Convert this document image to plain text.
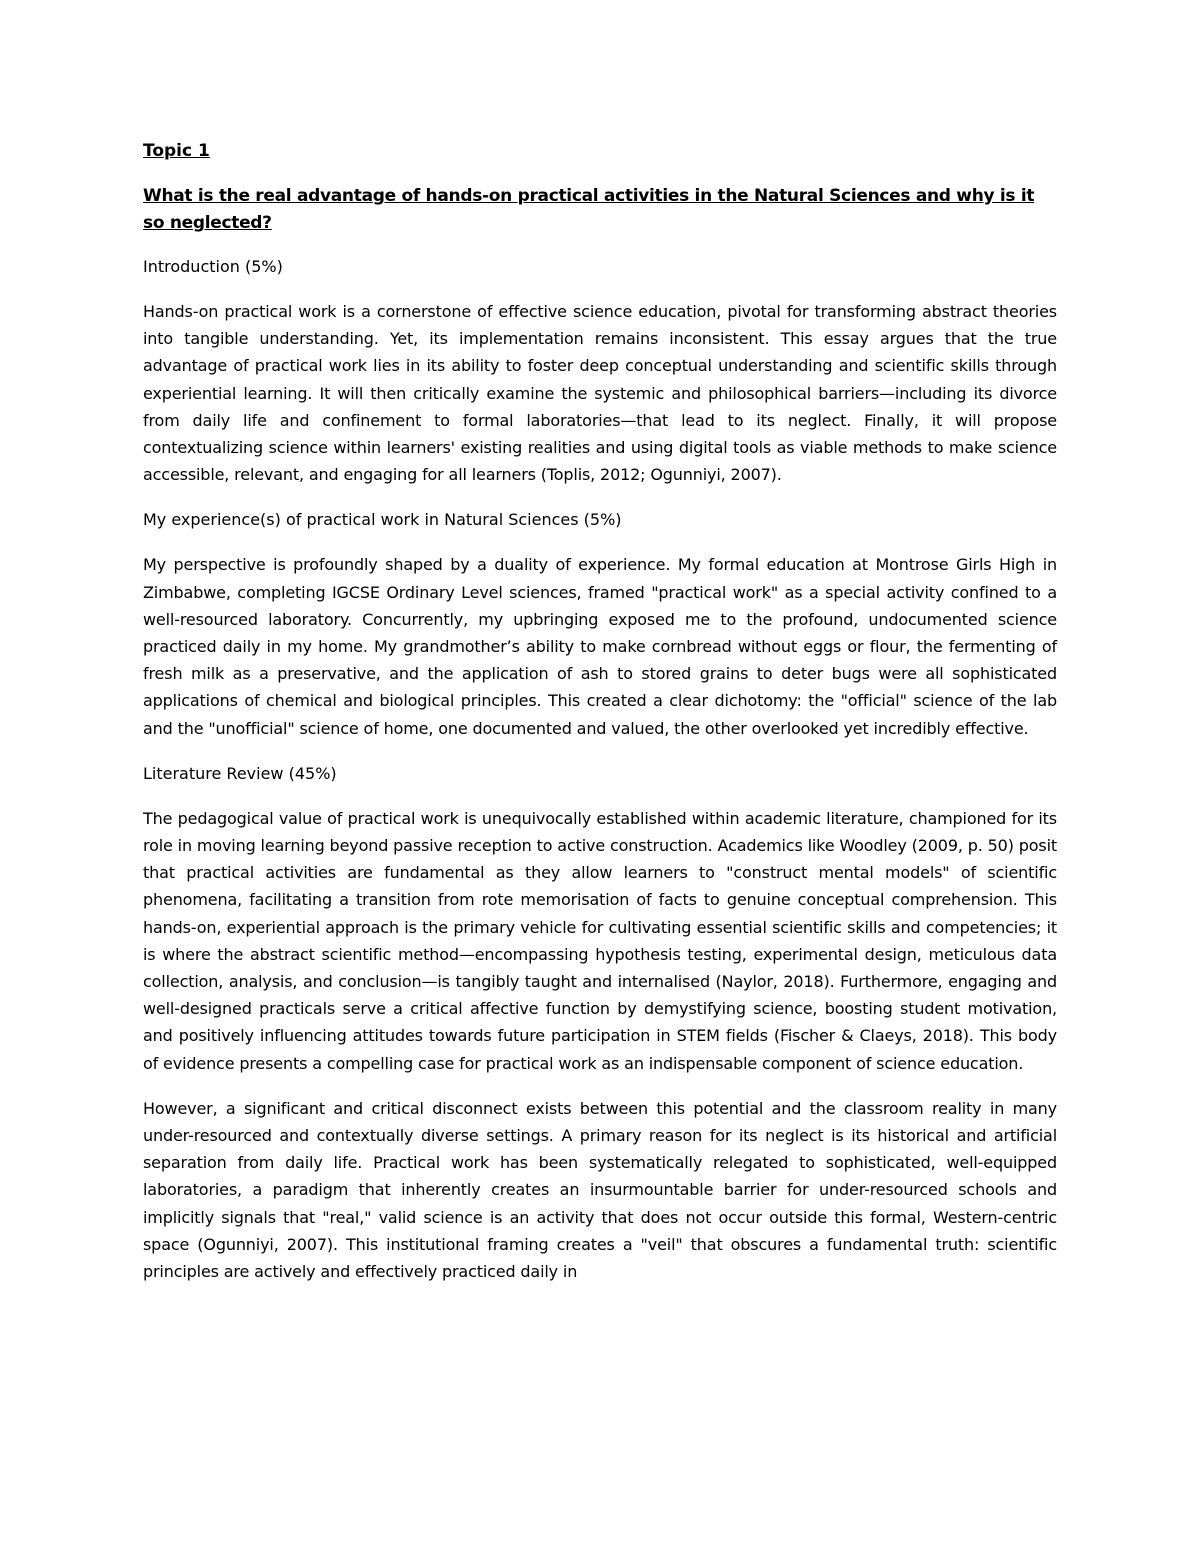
Topic 1

What is the real advantage of hands-on practical activities in the Natural Sciences and why is it so neglected?

Introduction (5%)

Hands-on practical work is a cornerstone of effective science education, pivotal for transforming abstract theories into tangible understanding. Yet, its implementation remains inconsistent. This essay argues that the true advantage of practical work lies in its ability to foster deep conceptual understanding and scientific skills through experiential learning. It will then critically examine the systemic and philosophical barriers—including its divorce from daily life and confinement to formal laboratories—that lead to its neglect. Finally, it will propose contextualizing science within learners' existing realities and using digital tools as viable methods to make science accessible, relevant, and engaging for all learners (Toplis, 2012; Ogunniyi, 2007).

My experience(s) of practical work in Natural Sciences (5%)

My perspective is profoundly shaped by a duality of experience. My formal education at Montrose Girls High in Zimbabwe, completing IGCSE Ordinary Level sciences, framed "practical work" as a special activity confined to a well-resourced laboratory. Concurrently, my upbringing exposed me to the profound, undocumented science practiced daily in my home. My grandmother’s ability to make cornbread without eggs or flour, the fermenting of fresh milk as a preservative, and the application of ash to stored grains to deter bugs were all sophisticated applications of chemical and biological principles. This created a clear dichotomy: the "official" science of the lab and the "unofficial" science of home, one documented and valued, the other overlooked yet incredibly effective.

Literature Review (45%)

The pedagogical value of practical work is unequivocally established within academic literature, championed for its role in moving learning beyond passive reception to active construction. Academics like Woodley (2009, p. 50) posit that practical activities are fundamental as they allow learners to "construct mental models" of scientific phenomena, facilitating a transition from rote memorisation of facts to genuine conceptual comprehension. This hands-on, experiential approach is the primary vehicle for cultivating essential scientific skills and competencies; it is where the abstract scientific method—encompassing hypothesis testing, experimental design, meticulous data collection, analysis, and conclusion—is tangibly taught and internalised (Naylor, 2018). Furthermore, engaging and well-designed practicals serve a critical affective function by demystifying science, boosting student motivation, and positively influencing attitudes towards future participation in STEM fields (Fischer & Claeys, 2018). This body of evidence presents a compelling case for practical work as an indispensable component of science education.

However, a significant and critical disconnect exists between this potential and the classroom reality in many under-resourced and contextually diverse settings. A primary reason for its neglect is its historical and artificial separation from daily life. Practical work has been systematically relegated to sophisticated, well-equipped laboratories, a paradigm that inherently creates an insurmountable barrier for under-resourced schools and implicitly signals that "real," valid science is an activity that does not occur outside this formal, Western-centric space (Ogunniyi, 2007). This institutional framing creates a "veil" that obscures a fundamental truth: scientific principles are actively and effectively practiced daily in
